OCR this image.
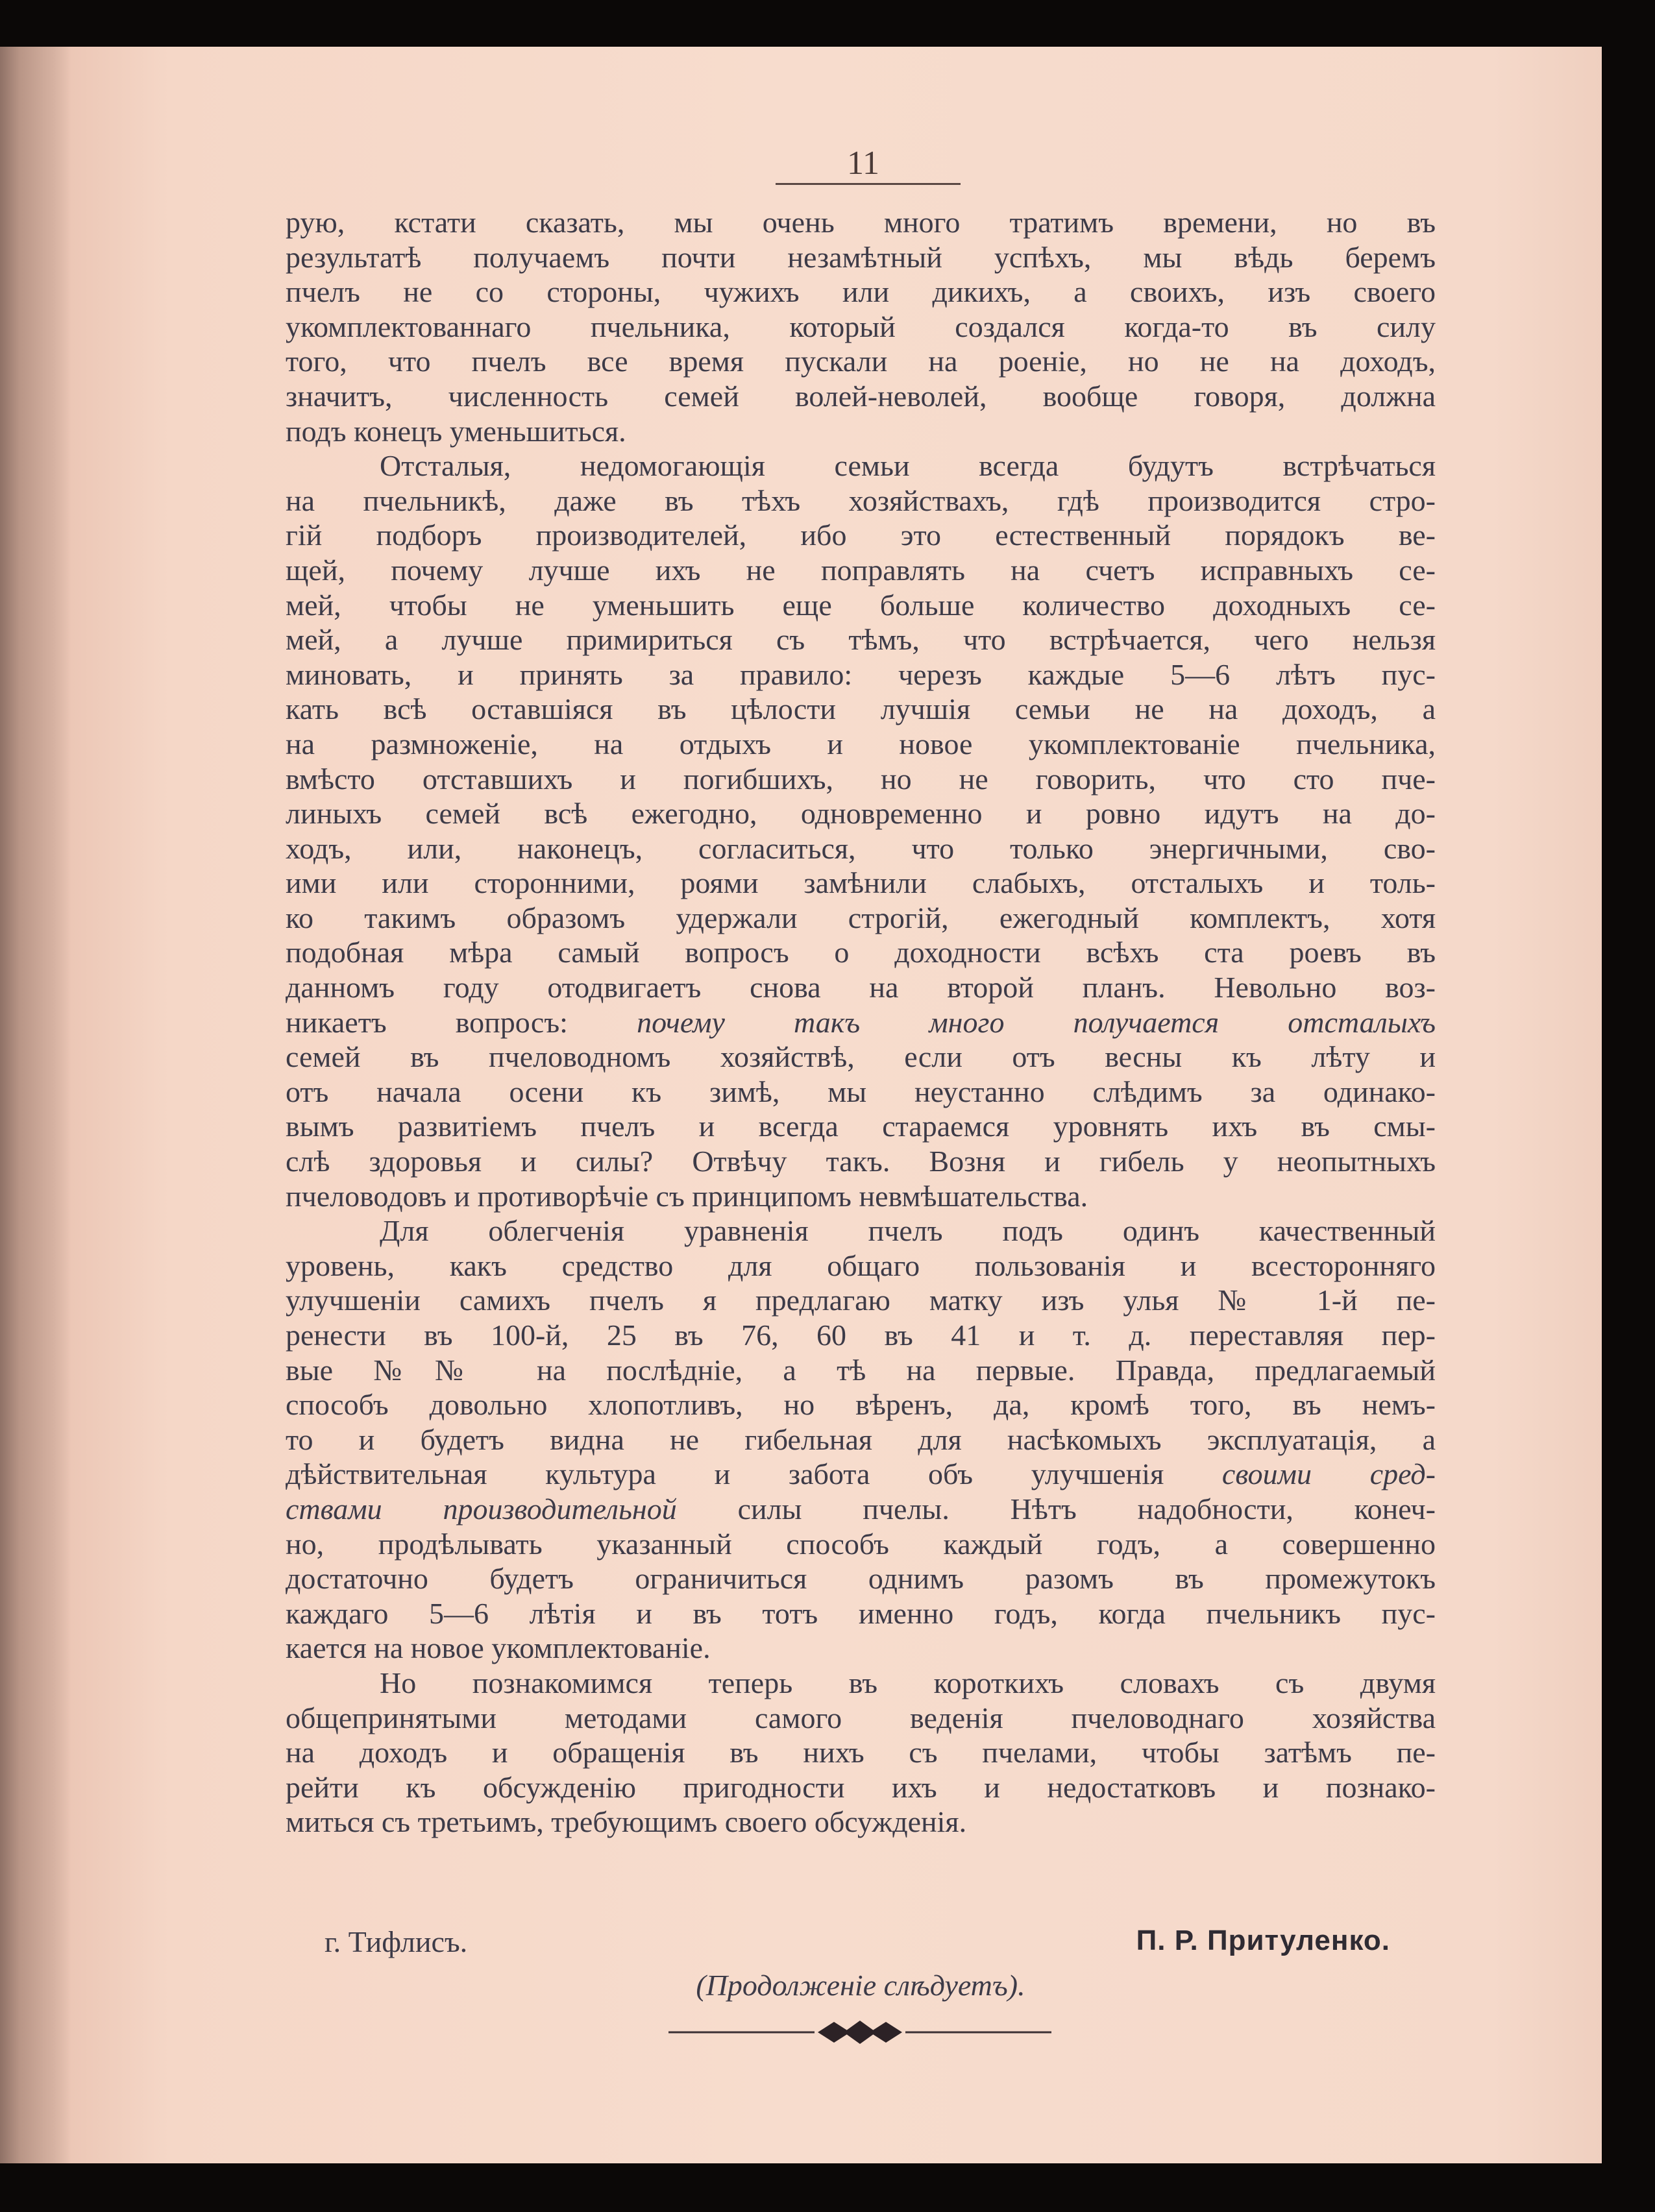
11
рую, кстати сказать, мы очень много тратимъ времени, но въ
результатѣ получаемъ почти незамѣтный успѣхъ, мы вѣдь беремъ
пчелъ не со стороны, чужихъ или дикихъ, а своихъ, изъ своего
укомплектованнаго пчельника, который создался когда-то въ силу
того, что пчелъ все время пускали на роеніе, но не на доходъ,
значитъ, численность семей волей-неволей, вообще говоря, должна
подъ конецъ уменьшиться.
Отсталыя, недомогающія семьи всегда будутъ встрѣчаться
на пчельникѣ, даже въ тѣхъ хозяйствахъ, гдѣ производится стро-
гій подборъ производителей, ибо это естественный порядокъ ве-
щей, почему лучше ихъ не поправлять на счетъ исправныхъ се-
мей, чтобы не уменьшить еще больше количество доходныхъ се-
мей, а лучше примириться съ тѣмъ, что встрѣчается, чего нельзя
миновать, и принять за правило: черезъ каждые 5—6 лѣтъ пус-
кать всѣ оставшіяся въ цѣлости лучшія семьи не на доходъ, а
на размноженіе, на отдыхъ и новое укомплектованіе пчельника,
вмѣсто отставшихъ и погибшихъ, но не говорить, что сто пче-
линыхъ семей всѣ ежегодно, одновременно и ровно идутъ на до-
ходъ, или, наконецъ, согласиться, что только энергичными, сво-
ими или сторонними, роями замѣнили слабыхъ, отсталыхъ и толь-
ко такимъ образомъ удержали строгій, ежегодный комплектъ, хотя
подобная мѣра самый вопросъ о доходности всѣхъ ста роевъ въ
данномъ году отодвигаетъ снова на второй планъ. Невольно воз-
никаетъ вопросъ: почему такъ много получается отсталыхъ
семей въ пчеловодномъ хозяйствѣ, если отъ весны къ лѣту и
отъ начала осени къ зимѣ, мы неустанно слѣдимъ за одинако-
вымъ развитіемъ пчелъ и всегда стараемся уровнять ихъ въ смы-
слѣ здоровья и силы? Отвѣчу такъ. Возня и гибель у неопытныхъ
пчеловодовъ и противорѣчіе съ принципомъ невмѣшательства.
Для облегченія уравненія пчелъ подъ одинъ качественный
уровень, какъ средство для общаго пользованія и всесторонняго
улучшеніи самихъ пчелъ я предлагаю матку изъ улья № 1-й пе-
ренести въ 100-й, 25 въ 76, 60 въ 41 и т. д. переставляя пер-
вые №№ на послѣдніе, а тѣ на первые. Правда, предлагаемый
способъ довольно хлопотливъ, но вѣренъ, да, кромѣ того, въ немъ-
то и будетъ видна не гибельная для насѣкомыхъ эксплуатація, а
дѣйствительная культура и забота объ улучшенія своими сред-
ствами производительной силы пчелы. Нѣтъ надобности, конеч-
но, продѣлывать указанный способъ каждый годъ, а совершенно
достаточно будетъ ограничиться однимъ разомъ въ промежутокъ
каждаго 5—6 лѣтія и въ тотъ именно годъ, когда пчельникъ пус-
кается на новое укомплектованіе.
Но познакомимся теперь въ короткихъ словахъ съ двумя
общепринятыми методами самого веденія пчеловоднаго хозяйства
на доходъ и обращенія въ нихъ съ пчелами, чтобы затѣмъ пе-
рейти къ обсужденію пригодности ихъ и недостатковъ и познако-
миться съ третьимъ, требующимъ своего обсужденія.
г. Тифлисъ.	П. Р. Притуленко.
(Продолженіе слѣдуетъ).
